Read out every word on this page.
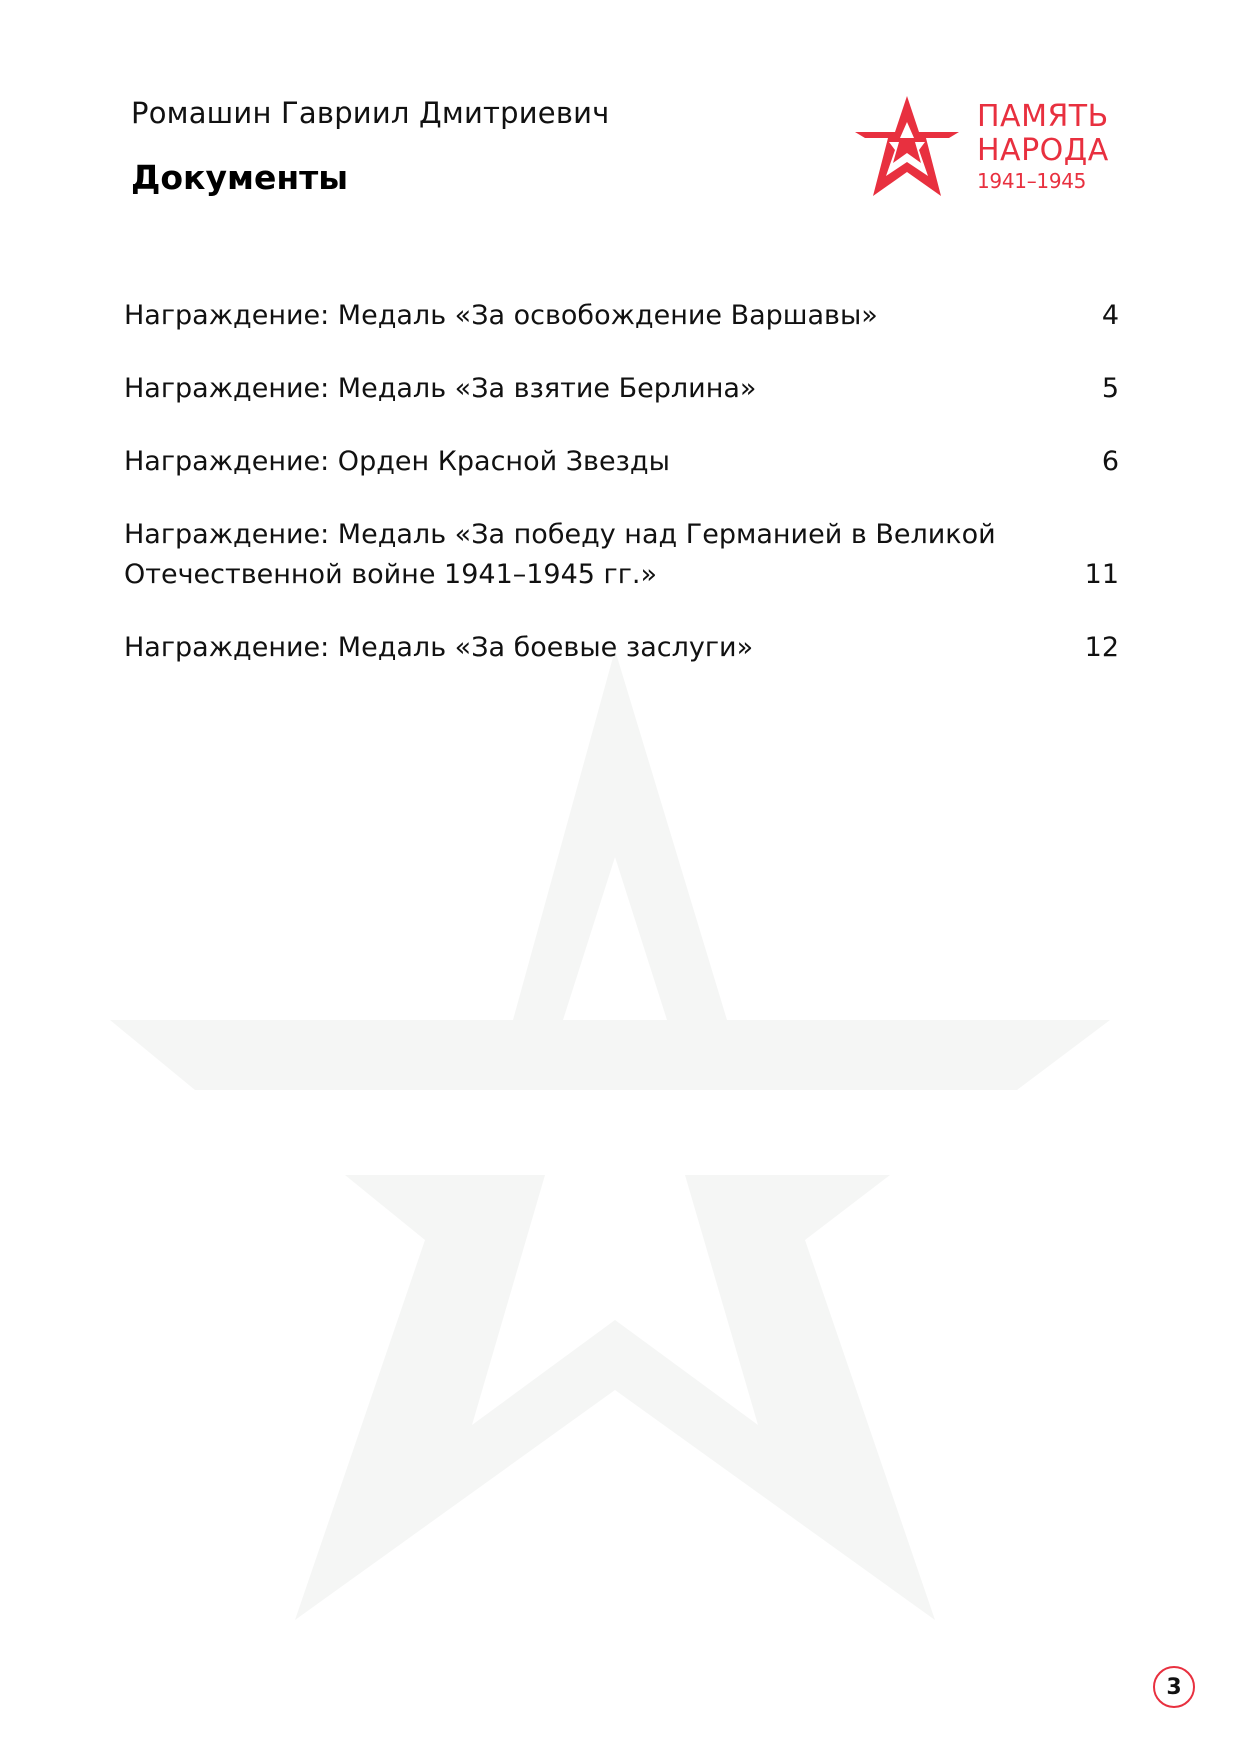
Ромашин Гавриил Дмитриевич
Документы
ПАМЯТЬ
НАРОДА
1941–1945
Награждение: Медаль «За освобождение Варшавы»	4
Награждение: Медаль «За взятие Берлина»	5
Награждение: Орден Красной Звезды	6
Награждение: Медаль «За победу над Германией в Великой Отечественной войне 1941–1945 гг.»	11
Награждение: Медаль «За боевые заслуги»	12
3
